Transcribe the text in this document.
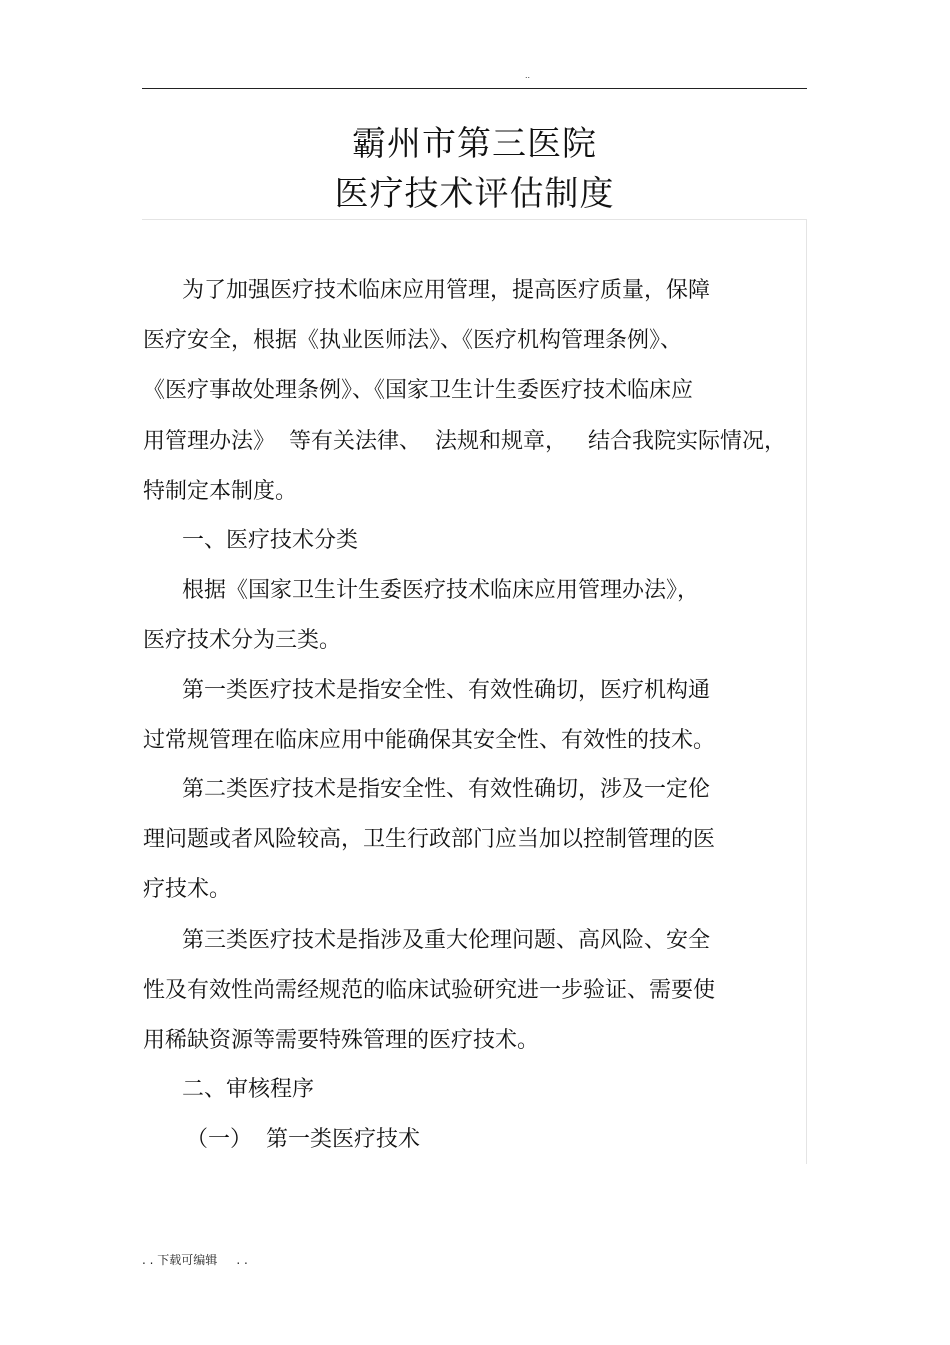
..
霸州市第三医院
医疗技术评估制度
为了加强医疗技术临床应用管理，提高医疗质量，保障
医疗安全，根据《执业医师法》、《医疗机构管理条例》、
《医疗事故处理条例》、《国家卫生计生委医疗技术临床应
用管理办法》  等有关法律、  法规和规章，   结合我院实际情况，
特制定本制度。
一、医疗技术分类
根据《国家卫生计生委医疗技术临床应用管理办法》，
医疗技术分为三类。
第一类医疗技术是指安全性、有效性确切，医疗机构通
过常规管理在临床应用中能确保其安全性、有效性的技术。
第二类医疗技术是指安全性、有效性确切，涉及一定伦
理问题或者风险较高，卫生行政部门应当加以控制管理的医
疗技术。
第三类医疗技术是指涉及重大伦理问题、高风险、安全
性及有效性尚需经规范的临床试验研究进一步验证、需要使
用稀缺资源等需要特殊管理的医疗技术。
二、审核程序
（一）  第一类医疗技术
. . 下载可编辑     . .
